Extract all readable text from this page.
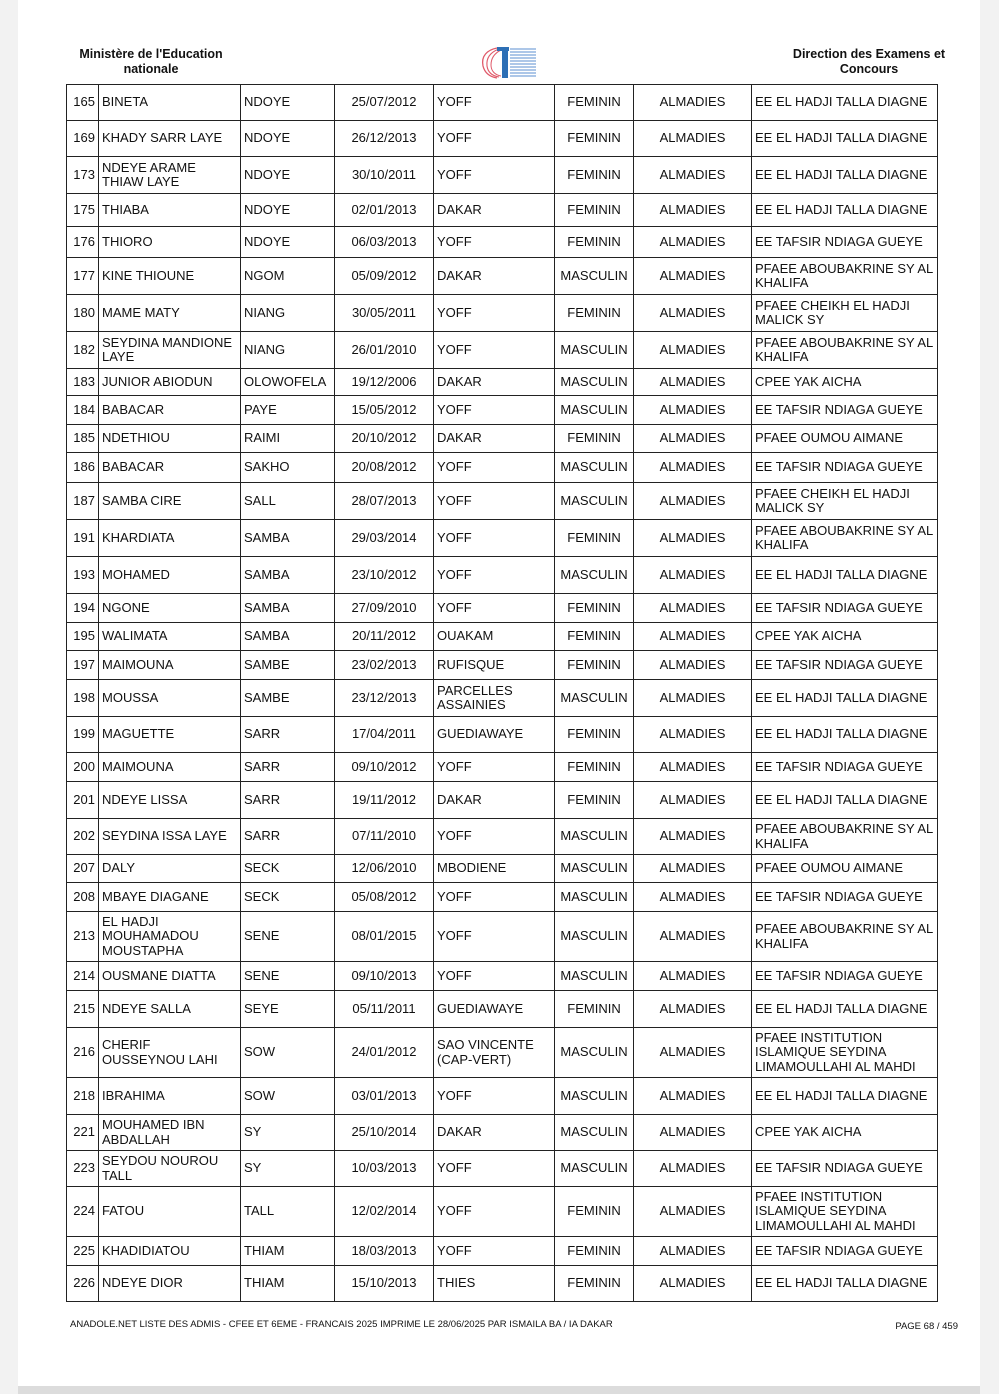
Ministère de l'Education nationale
Direction des Examens et Concours
165	BINETA	NDOYE	25/07/2012	YOFF	FEMININ	ALMADIES	EE EL HADJI TALLA DIAGNE
169	KHADY SARR LAYE	NDOYE	26/12/2013	YOFF	FEMININ	ALMADIES	EE EL HADJI TALLA DIAGNE
173	NDEYE ARAME THIAW LAYE	NDOYE	30/10/2011	YOFF	FEMININ	ALMADIES	EE EL HADJI TALLA DIAGNE
175	THIABA	NDOYE	02/01/2013	DAKAR	FEMININ	ALMADIES	EE EL HADJI TALLA DIAGNE
176	THIORO	NDOYE	06/03/2013	YOFF	FEMININ	ALMADIES	EE TAFSIR NDIAGA GUEYE
177	KINE THIOUNE	NGOM	05/09/2012	DAKAR	MASCULIN	ALMADIES	PFAEE ABOUBAKRINE SY AL KHALIFA
180	MAME MATY	NIANG	30/05/2011	YOFF	FEMININ	ALMADIES	PFAEE CHEIKH EL HADJI MALICK SY
182	SEYDINA MANDIONE LAYE	NIANG	26/01/2010	YOFF	MASCULIN	ALMADIES	PFAEE ABOUBAKRINE SY AL KHALIFA
183	JUNIOR ABIODUN	OLOWOFELA	19/12/2006	DAKAR	MASCULIN	ALMADIES	CPEE YAK AICHA
184	BABACAR	PAYE	15/05/2012	YOFF	MASCULIN	ALMADIES	EE TAFSIR NDIAGA GUEYE
185	NDETHIOU	RAIMI	20/10/2012	DAKAR	FEMININ	ALMADIES	PFAEE OUMOU AIMANE
186	BABACAR	SAKHO	20/08/2012	YOFF	MASCULIN	ALMADIES	EE TAFSIR NDIAGA GUEYE
187	SAMBA CIRE	SALL	28/07/2013	YOFF	MASCULIN	ALMADIES	PFAEE CHEIKH EL HADJI MALICK SY
191	KHARDIATA	SAMBA	29/03/2014	YOFF	FEMININ	ALMADIES	PFAEE ABOUBAKRINE SY AL KHALIFA
193	MOHAMED	SAMBA	23/10/2012	YOFF	MASCULIN	ALMADIES	EE EL HADJI TALLA DIAGNE
194	NGONE	SAMBA	27/09/2010	YOFF	FEMININ	ALMADIES	EE TAFSIR NDIAGA GUEYE
195	WALIMATA	SAMBA	20/11/2012	OUAKAM	FEMININ	ALMADIES	CPEE YAK AICHA
197	MAIMOUNA	SAMBE	23/02/2013	RUFISQUE	FEMININ	ALMADIES	EE TAFSIR NDIAGA GUEYE
198	MOUSSA	SAMBE	23/12/2013	PARCELLES ASSAINIES	MASCULIN	ALMADIES	EE EL HADJI TALLA DIAGNE
199	MAGUETTE	SARR	17/04/2011	GUEDIAWAYE	FEMININ	ALMADIES	EE EL HADJI TALLA DIAGNE
200	MAIMOUNA	SARR	09/10/2012	YOFF	FEMININ	ALMADIES	EE TAFSIR NDIAGA GUEYE
201	NDEYE LISSA	SARR	19/11/2012	DAKAR	FEMININ	ALMADIES	EE EL HADJI TALLA DIAGNE
202	SEYDINA ISSA LAYE	SARR	07/11/2010	YOFF	MASCULIN	ALMADIES	PFAEE ABOUBAKRINE SY AL KHALIFA
207	DALY	SECK	12/06/2010	MBODIENE	MASCULIN	ALMADIES	PFAEE OUMOU AIMANE
208	MBAYE DIAGANE	SECK	05/08/2012	YOFF	MASCULIN	ALMADIES	EE TAFSIR NDIAGA GUEYE
213	EL HADJI MOUHAMADOU MOUSTAPHA	SENE	08/01/2015	YOFF	MASCULIN	ALMADIES	PFAEE ABOUBAKRINE SY AL KHALIFA
214	OUSMANE DIATTA	SENE	09/10/2013	YOFF	MASCULIN	ALMADIES	EE TAFSIR NDIAGA GUEYE
215	NDEYE SALLA	SEYE	05/11/2011	GUEDIAWAYE	FEMININ	ALMADIES	EE EL HADJI TALLA DIAGNE
216	CHERIF OUSSEYNOU LAHI	SOW	24/01/2012	SAO VINCENTE (CAP-VERT)	MASCULIN	ALMADIES	PFAEE INSTITUTION ISLAMIQUE SEYDINA LIMAMOULLAHI AL MAHDI
218	IBRAHIMA	SOW	03/01/2013	YOFF	MASCULIN	ALMADIES	EE EL HADJI TALLA DIAGNE
221	MOUHAMED IBN ABDALLAH	SY	25/10/2014	DAKAR	MASCULIN	ALMADIES	CPEE YAK AICHA
223	SEYDOU NOUROU TALL	SY	10/03/2013	YOFF	MASCULIN	ALMADIES	EE TAFSIR NDIAGA GUEYE
224	FATOU	TALL	12/02/2014	YOFF	FEMININ	ALMADIES	PFAEE INSTITUTION ISLAMIQUE SEYDINA LIMAMOULLAHI AL MAHDI
225	KHADIDIATOU	THIAM	18/03/2013	YOFF	FEMININ	ALMADIES	EE TAFSIR NDIAGA GUEYE
226	NDEYE DIOR	THIAM	15/10/2013	THIES	FEMININ	ALMADIES	EE EL HADJI TALLA DIAGNE
ANADOLE.NET LISTE DES ADMIS - CFEE ET 6EME - FRANCAIS 2025 IMPRIME LE 28/06/2025 PAR ISMAILA BA / IA DAKAR	PAGE 68 / 459
